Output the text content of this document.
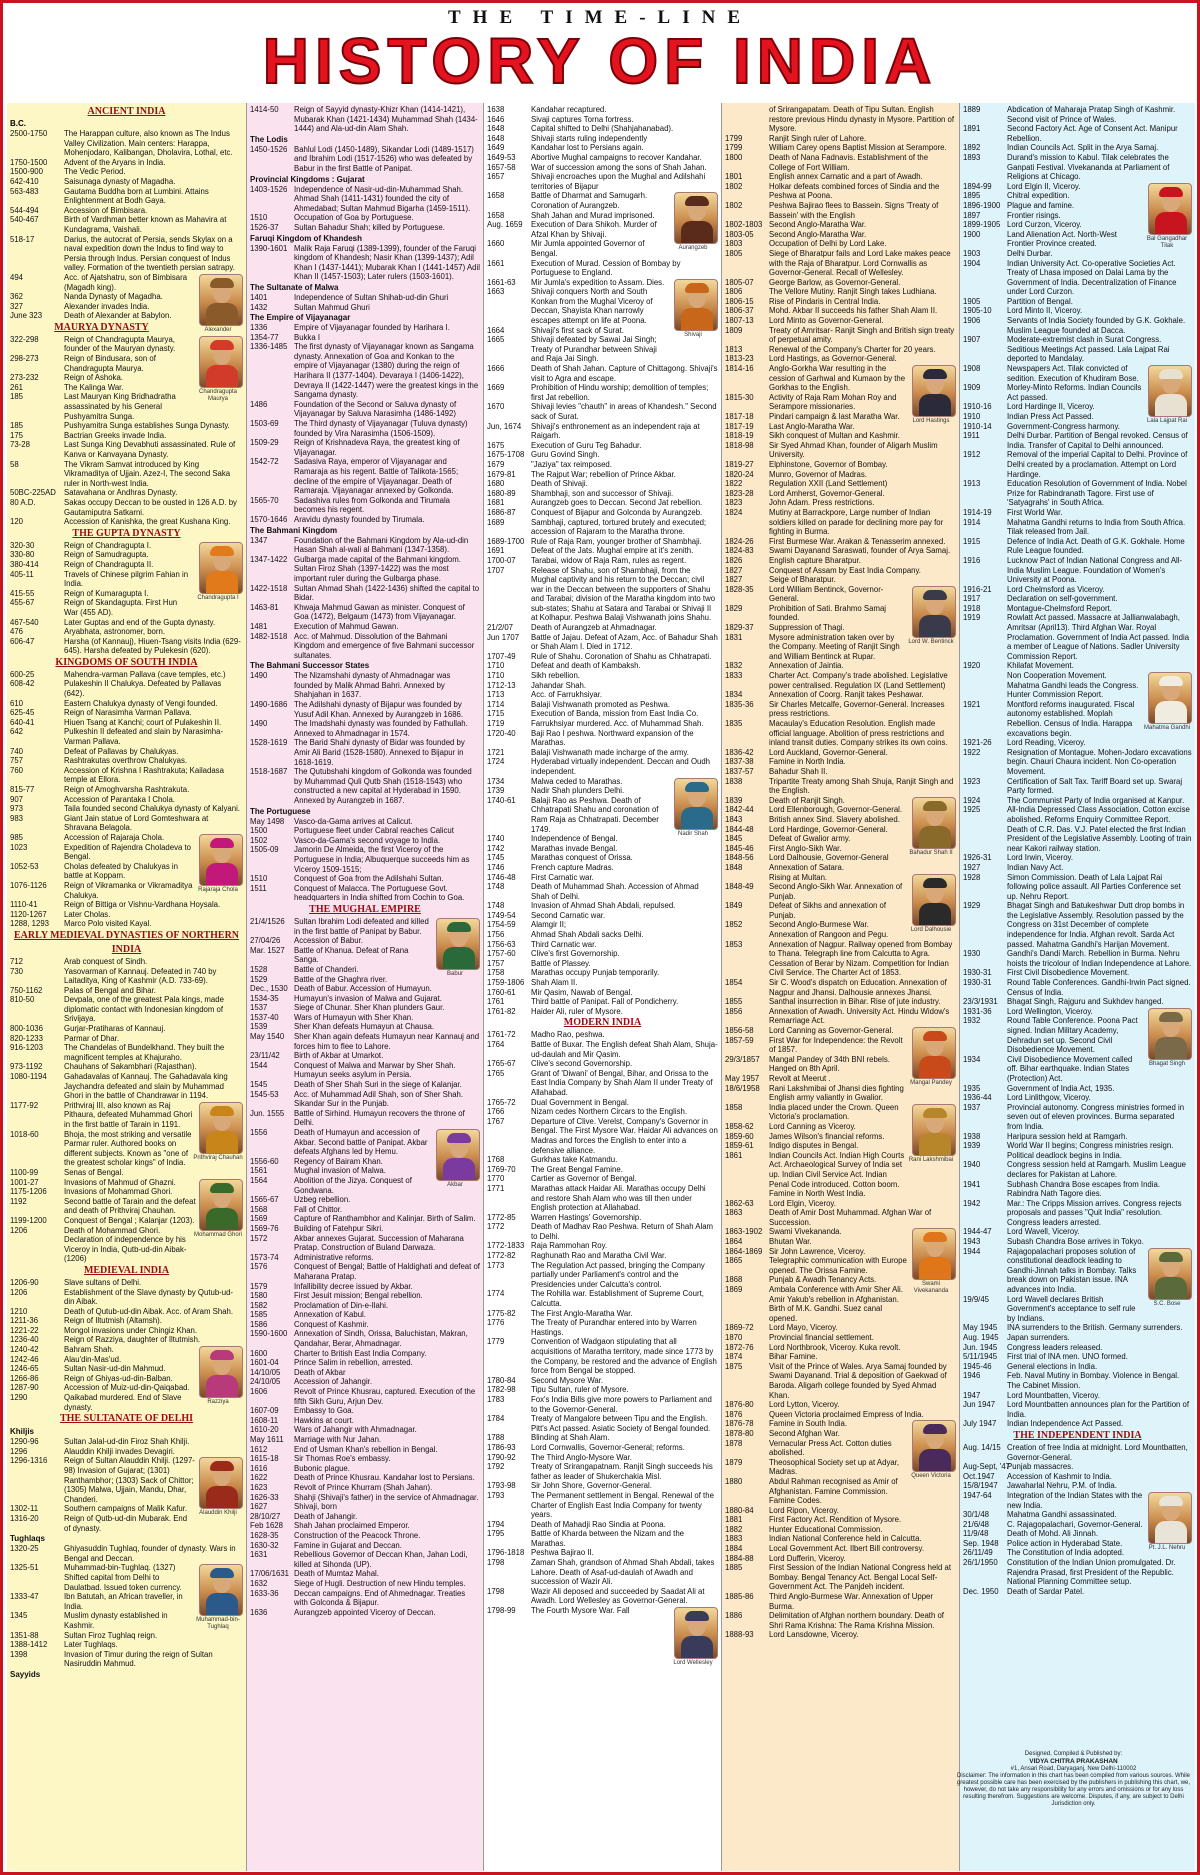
THE TIME-LINE
HISTORY OF INDIA
ANCIENT INDIA
B.C.
2500-1750	The Harappan culture, also known as The Indus Valley Civilization. Main centers: Harappa, Mohenjodaro, Kalibangan, Dholavira, Lothal, etc.
1750-1500	Advent of the Aryans in India.
1500-900	The Vedic Period.
642-410	Saisunaga dynasty of Magadha.
563-483	Gautama Buddha born at Lumbini. Attains Enlightenment at Bodh Gaya.
544-494	Accession of Bimbisara.
540-467	Birth of Vardhman better known as Mahavira at Kundagrama, Vaishali.
518-17	Darius, the autocrat of Persia, sends Skylax on a naval expedition down the Indus to find way to Persia through Indus. Persian conquest of Indus valley. Formation of the twentieth persian satrapy.
Alexander
494	Acc. of Ajatshatru, son of Bimbisara (Magadh king).
362	Nanda Dynasty of Magadha.
327	Alexander invades India.
June 323	Death of Alexander at Babylon.
MAURYA DYNASTY
Chandragupta Maurya
322-298	Reign of Chandragupta Maurya, founder of the Mauryan dynasty.
298-273	Reign of Bindusara, son of Chandragupta Maurya.
273-232	Reign of Ashoka.
261	The Kalinga War.
185	Last Mauryan King Bridhadratha assassinated by his General Pushyamitra Sunga.
185	Pushyamitra Sunga establishes Sunga Dynasty.
175	Bactrian Greeks invade India.
73-28	Last Sunga King Devabhuti assassinated. Rule of Kanva or Kanvayana Dynasty.
58	The Vikram Samvat introduced by King Vikramaditya of Ujjain. Azez-I, The second Saka ruler in North-west India.
50BC-225AD	Satavahana or Andhras Dynasty.
80 A.D.	Sakas occupy Deccan to be ousted in 126 A.D. by Gautamiputra Satkarni.
120	Accession of Kanishka, the great Kushana King.
THE GUPTA DYNASTY
Chandragupta I
320-30	Reign of Chandragupta I.
330-80	Reign of Samudragupta.
380-414	Reign of Chandragupta II.
405-11	Travels of Chinese pilgrim Fahian in India.
415-55	Reign of Kumaragupta I.
455-67	Reign of Skandagupta. First Hun War (455 AD).
467-540	Later Guptas and end of the Gupta dynasty.
476	Aryabhata, astronomer, born.
606-47	Harsha (of Kannauj), Hiuen-Tsang visits India (629-645). Harsha defeated by Pulekesin (620).
KINGDOMS OF SOUTH INDIA
600-25	Mahendra-varman Pallava (cave temples, etc.)
608-42	Pulakeshin II Chalukya. Defeated by Pallavas (642).
610	Eastern Chalukya dynasty of Vengi founded.
625-45	Reign of Narasimha Varman Pallava.
640-41	Hiuen Tsang at Kanchi; court of Pulakeshin II.
642	Pulkeshin II defeated and slain by Narasimha-Varman Pallava.
740	Defeat of Pallavas by Chalukyas.
757	Rashtrakutas overthrow Chalukyas.
760	Accession of Krishna I Rashtrakuta; Kailadasa temple at Ellora.
815-77	Reign of Amoghvarsha Rashtrakuta.
907	Accession of Parantaka I Chola.
973	Taila founded second Chalukya dynasty of Kalyani.
983	Giant Jain statue of Lord Gomteshwara at Shravana Belagola.
Rajaraja Chola
985	Accession of Rajaraja Chola.
1023	Expedition of Rajendra Choladeva to Bengal.
1052-53	Cholas defeated by Chalukyas in battle at Koppam.
1076-1126	Reign of Vikramanka or Vikramaditya Chalukya.
1110-41	Reign of Bittiga or Vishnu-Vardhana Hoysala.
1120-1267	Later Cholas.
1288, 1293	Marco Polo visited Kayal.
EARLY MEDIEVAL DYNASTIES OF NORTHERN INDIA
712	Arab conquest of Sindh.
730	Yasovarman of Kannauj. Defeated in 740 by Laitaditya, King of Kashmir (A.D. 733-69).
750-1162	Palas of Bengal and Bihar.
810-50	Devpala, one of the greatest Pala kings, made diplomatic contact with Indonesian kingdom of Srivijaya.
800-1036	Gurjar-Pratiharas of Kannauj.
820-1233	Parmar of Dhar.
916-1203	The Chandelas of Bundelkhand. They built the magnificent temples at Khajuraho.
973-1192	Chauhans of Sakambhari (Rajasthan).
1080-1194	Gahadavalas of Kannauj. The Gahadavala king Jaychandra defeated and slain by Muhammad Ghori in the battle of Chandrawar in 1194.
Prithviraj Chauhan
1177-92	Prithviraj III, also known as Raj Pithaura, defeated Muhammad Ghori in the first battle of Tarain in 1191.
1018-60	Bhoja, the most striking and versatile Parmar ruler. Authored books on different subjects. Known as "one of the greatest scholar kings" of India.
1100-99	Senas of Bengal.
Mohammad Ghori
1001-27	Invasions of Mahmud of Ghazni.
1175-1206	Invasions of Mohammad Ghori.
1192	Second battle of Tarain and the defeat and death of Prithviraj Chauhan.
1199-1200	Conquest of Bengal ; Kalanjar (1203).
1206	Death of Mohammad Ghori. Declaration of independence by his Viceroy in India, Qutb-ud-din Aibak-(1206)
MEDIEVAL INDIA
1206-90	Slave sultans of Delhi.
1206	Establishment of the Slave dynasty by Qutub-ud-din Aibak.
1210	Death of Qutub-ud-din Aibak. Acc. of Aram Shah.
1211-36	Reign of Iltutmish (Altamsh).
1221-22	Mongol invasions under Chingiz Khan.
1236-40	Reign of Razziya, daughter of Iltutmish.
Razziya
1240-42	Bahram Shah.
1242-46	Alau'din-Mas'ud.
1246-65	Sultan Nasir-ud-din Mahmud.
1266-86	Reign of Ghiyas-ud-din-Balban.
1287-90	Accession of Muiz-ud-din-Qaiqabad.
1290	Qaikabad murdered. End of Slave dynasty.
THE SULTANATE OF DELHI
Khiljis
1290-96	Sultan Jalal-ud-din Firoz Shah Khilji.
1296	Alauddin Khilji invades Devagiri.
Alauddin Khilji
1296-1316	Reign of Sultan Alauddin Khilji. (1297-98) Invasion of Gujarat; (1301) Ranthambhor; (1303) Sack of Chittor; (1305) Malwa, Ujjain, Mandu, Dhar, Chanderi.
1302-11	Southern campaigns of Malik Kafur.
1316-20	Reign of Qutb-ud-din Mubarak. End of dynasty.
Tughlaqs
1320-25	Ghiyasuddin Tughlaq, founder of dynasty. Wars in Bengal and Deccan.
Muhammad-bin-Tughlaq
1325-51	Muhammad-bin-Tughlaq. (1327) Shifted capital from Delhi to Daulatbad. Issued token currency.
1333-47	Ibn Batutah, an African traveller, in India.
1345	Muslim dynasty established in Kashmir.
1351-88	Sultan Firoz Tughlaq reign.
1388-1412	Later Tughlaqs.
1398	Invasion of Timur during the reign of Sultan Nasiruddin Mahmud.
Sayyids
1414-50	Reign of Sayyid dynasty-Khizr Khan (1414-1421), Mubarak Khan (1421-1434) Muhammad Shah (1434-1444) and Ala-ud-din Alam Shah.
The Lodis
1450-1526 Bahlul Lodi (1450-1489), Sikandar Lodi (1489-1517) and Ibrahim Lodi (1517-1526) who was defeated by Babur in the first Battle of Panipat.
Provincial Kingdoms : Gujarat
1403-1526 Independence of Nasir-ud-din-Muhammad Shah. Ahmad Shah (1411-1431) founded the city of Ahmedabad; Sultan Mahmud Bigarha (1459-1511).
1510	Occupation of Goa by Portuguese.
1526-37	Sultan Bahadur Shah; killed by Portuguese.
Faruqi Kingdom of Khandesh
1390-1601 Malik Raja Faruqi (1389-1399), founder of the Faruqi kingdom of Khandesh; Nasir Khan (1399-1437); Adil Khan I (1437-1441); Mubarak Khan I (1441-1457) Adil Khan II (1457-1503); Later rulers (1503-1601).
The Sultanate of Malwa
1401	Independence of Sultan Shihab-ud-din Ghuri
1432	Sultan Mahmud Ghuri
The Empire of Vijayanagar
1336	Empire of Vijayanagar founded by Harihara I.
1354-77	Bukka I
1336-1485 The first dynasty of Vijayanagar known as Sangama dynasty. Annexation of Goa and Konkan to the empire of Vijayanagar (1380) during the reign of Harihara II (1377-1404). Devaraya I (1406-1422), Devraya II (1422-1447) were the greatest kings in the Sangama dynasty.
1486	Foundation of the Second or Saluva dynasty of Vijayanagar by Saluva Narasimha (1486-1492)
1503-69	The Third dynasty of Vijayanagar (Tuluva dynasty) founded by Vira Narasimha (1506-1509).
1509-29	Reign of Krishnadeva Raya, the greatest king of Vijayanagar.
1542-72	Sadasiva Raya, emperor of Vijayanagar and Ramaraja as his regent. Battle of Talikota-1565; decline of the empire of Vijayanagar. Death of Ramaraja. Vijayanagar annexed by Golkonda.
1565-70	Sadashiva rules from Golkonda and Tirumala becomes his regent.
1570-1646 Aravidu dynasty founded by Tirumala.
The Bahmani Kingdom
1347	Foundation of the Bahmani Kingdom by Ala-ud-din Hasan Shah al-wali al Bahmani (1347-1358).
1347-1422 Gulbarga made capital of the Bahmani kingdom. Sultan Firoz Shah (1397-1422) was the most important ruler during the Gulbarga phase.
1422-1518 Sultan Ahmad Shah (1422-1436) shifted the capital to Bidar.
1463-81	Khwaja Mahmud Gawan as minister. Conquest of Goa (1472), Belgaum (1473) from Vijayanagar.
1481	Execution of Mahmud Gawan.
1482-1518 Acc. of Mahmud. Dissolution of the Bahmani Kingdom and emergence of five Bahmani successor sultanates.
The Bahmani Successor States
1490	The Nizamshahi dynasty of Ahmadnagar was founded by Malik Ahmad Bahri. Annexed by Shahjahan in 1637.
1490-1686 The Adilshahi dynasty of Bijapur was founded by Yusuf Adil Khan. Annexed by Aurangzeb in 1686.
1490	The Imadshahi dynasty was founded by Fathullah. Annexed to Ahmadnagar in 1574.
1528-1619 The Barid Shahi dynasty of Bidar was founded by Amir Ali Barid (1528-1580). Annexed to Bijapur in 1618-1619.
1518-1687 The Qutubshahi kingdom of Golkonda was founded by Muhammad Quli Qutb Shah (1518-1543) who constructed a new capital at Hyderabad in 1590. Annexed by Aurangzeb in 1687.
The Portuguese
May 1498	Vasco-da-Gama arrives at Calicut.
1500	Portuguese fleet under Cabral reaches Calicut
1502	Vasco-da-Gama's second voyage to India.
1505-09	Jamorin De Almeida, the first Viceroy of the Portuguese in India; Albuquerque succeeds him as Viceroy 1509-1515;
1510	Conquest of Goa from the Adilshahi Sultan.
1511	Conquest of Malacca. The Portuguese Govt. headquarters in India shifted from Cochin to Goa.
THE MUGHAL EMPIRE
Babur
21/4/1526	Sultan Ibrahim Lodi defeated and killed in the first battle of Panipat by Babur.
27/04/26	Accession of Babur.
Mar. 1527	Battle of Khanua. Defeat of Rana Sanga.
1528	Battle of Chanderi.
1529	Battle of the Ghaghra river.
Dec., 1530 Death of Babur. Accession of Humayun.
1534-35	Humayun's invasion of Malwa and Gujarat.
1537	Siege of Chunar. Sher Khan plunders Gaur.
1537-40	Wars of Humayun with Sher Khan.
1539	Sher Khan defeats Humayun at Chausa.
May 1540	Sher Khan again defeats Humayun near Kannauj and forces him to flee to Lahore.
23/11/42	Birth of Akbar at Umarkot.
1544	Conquest of Malwa and Marwar by Sher Shah. Humayun seeks asylum in Persia.
1545	Death of Sher Shah Suri in the siege of Kalanjar.
1545-53	Acc. of Muhammad Adil Shah, son of Sher Shah. Sikandar Sur in the Punjab.
Jun. 1555	Battle of Sirhind. Humayun recovers the throne of Delhi.
Akbar
1556	Death of Humayun and accession of Akbar. Second battle of Panipat. Akbar defeats Afghans led by Hemu.
1556-60	Regency of Bairam Khan.
1561	Mughal invasion of Malwa.
1564	Abolition of the Jizya. Conquest of Gondwana.
1565-67	Uzbeg rebellion.
1568	Fall of Chittor.
1569	Capture of Ranthambhor and Kalinjar. Birth of Salim.
1569-76	Building of Fatehpur Sikri.
1572	Akbar annexes Gujarat. Succession of Maharana Pratap. Construction of Buland Darwaza.
1573-74	Administrative reforms.
1576	Conquest of Bengal; Battle of Haldighati and defeat of Maharana Pratap.
1579	Infallibility decree issued by Akbar.
1580	First Jesuit mission; Bengal rebellion.
1582	Proclamation of Din-e-Ilahi.
1585	Annexation of Kabul.
1586	Conquest of Kashmir.
1590-1600 Annexation of Sindh, Orissa, Baluchistan, Makran, Qandahar, Berar, Ahmadnagar.
1600	Charter to British East India Company.
1601-04	Prince Salim in rebellion, arrested.
14/10/05	Death of Akbar
24/10/05	Accession of Jahangir.
1606	Revolt of Prince Khusrau, captured. Execution of the fifth Sikh Guru, Arjun Dev.
1607-09	Embassy to Goa.
1608-11	Hawkins at court.
1610-20	Wars of Jahangir with Ahmadnagar.
May 1611	Marriage with Nur Jahan.
1612	End of Usman Khan's rebellion in Bengal.
1615-18	Sir Thomas Roe's embassy.
1616	Bubonic plague.
1622	Death of Prince Khusrau. Kandahar lost to Persians.
1623	Revolt of Prince Khurram (Shah Jahan).
1626-33	Shahji (Shivaji's father) in the service of Ahmadnagar.
1627	Shivaji, born
28/10/27	Death of Jahangir.
Feb 1628	Shah Jahan proclaimed Emperor.
1628-35	Construction of the Peacock Throne.
1630-32	Famine in Gujarat and Deccan.
1631	Rebellious Governor of Deccan Khan, Jahan Lodi, killed at Sihonda (UP).
17/06/1631 Death of Mumtaz Mahal.
1632	Siege of Hugli. Destruction of new Hindu temples.
1633-36	Deccan campaigns. End of Ahmednagar. Treaties with Golconda & Bijapur.
1636	Aurangzeb appointed Viceroy of Deccan.
1638	Kandahar recaptured.
1646	Sivaji captures Torna fortress.
1648	Capital shifted to Delhi (Shahjahanabad).
1648	Shivaji starts ruling independently
1649	Kandahar lost to Persians again.
1649-53	Abortive Mughal campaigns to recover Kandahar.
1657-58	War of succession among the sons of Shah Jahan.
1657	Shivaji encroaches upon the Mughal and Adilshahi territories of Bijapur
Aurangzeb
1658	Battle of Dharmat and Samugarh. Coronation of Aurangzeb.
1658	Shah Jahan and Murad imprisoned.
Aug. 1659	Execution of Dara Shikoh. Murder of Afzal Khan by Shivaji.
1660	Mir Jumla appointed Governor of Bengal.
1661	Execution of Murad. Cession of Bombay by Portuguese to England.
Shivaji
1661-63	Mir Jumla's expedition to Assam. Dies.
1663	Shivaji conquers North and South Konkan from the Mughal Viceroy of Deccan, Shayista Khan narrowly escapes attempt on life at Poona.
1664	Shivaji's first sack of Surat.
1665	Shivaji defeated by Sawai Jai Singh; Treaty of Purandhar between Shivaji and Raja Jai Singh.
1666	Death of Shah Jahan. Capture of Chittagong. Shivaji's visit to Agra and escape.
1669	Prohibition of Hindu worship; demolition of temples; first Jat rebellion.
1670	Shivaji levies "chauth" in areas of Khandesh." Second sack of Surat.
Jun, 1674	Shivaji's enthronement as an independent raja at Raigarh.
1675	Execution of Guru Teg Bahadur.
1675-1708 Guru Govind Singh.
1679	"Jaziya" tax reimposed.
1679-81	The Rajput War; rebellion of Prince Akbar.
1680	Death of Shivaji.
1680-89	Shambhaji, son and successor of Shivaji.
1681	Aurangzeb goes to Deccan. Second Jat rebellion.
1686-87	Conquest of Bijapur and Golconda by Aurangzeb.
1689	Sambhaji, captured, tortured brutely and executed; accession of Rajaram to the Maratha throne.
1689-1700 Rule of Raja Ram, younger brother of Shambhaji.
1691	Defeat of the Jats. Mughal empire at it's zenith.
1700-07	Tarabai, widow of Raja Ram, rules as regent.
1707	Release of Shahu, son of Shambhaji, from the Mughal captivity and his return to the Deccan; civil war in the Deccan between the supporters of Shahu and Tarabai; division of the Maratha kingdom into two sub-states; Shahu at Satara and Tarabai or Shivaji II at Kolhapur. Peshwa Balaji Vishwanath joins Shahu.
21/2/07	Death of Aurangzeb at Ahmadnagar.
Jun 1707	Battle of Jajau. Defeat of Azam, Acc. of Bahadur Shah or Shah Alam I. Died in 1712.
1707-49	Rule of Shahu. Coronation of Shahu as Chhatrapati.
1710	Defeat and death of Kambaksh.
1710	Sikh rebellion.
1712-13	Jahandar Shah.
1713	Acc. of Farrukhsiyar.
1714	Balaji Vishwanath promoted as Peshwa.
1715	Execution of Banda, mission from East India Co.
1719	Farrukhsiyar murdered. Acc. of Muhammad Shah.
1720-40	Baji Rao I peshwa. Northward expansion of the Marathas.
1721	Balaji Vishwanath made incharge of the army.
1724	Hyderabad virtually independent. Deccan and Oudh independent.
Nadir Shah
1734	Malwa ceded to Marathas.
1739	Nadir Shah plunders Delhi.
1740-61	Balaji Rao as Peshwa. Death of Chhatrapati Shahu and coronation of Ram Raja as Chhatrapati. December 1749.
1740	Independence of Bengal.
1742	Marathas invade Bengal.
1745	Marathas conquest of Orissa.
1746	French capture Madras.
1746-48	First Carnatic war.
1748	Death of Muhammad Shah. Accession of Ahmad Shah of Delhi.
1748	Invasion of Ahmad Shah Abdali, repulsed.
1749-54	Second Carnatic war.
1754-59	Alamgir II;
1756	Ahmad Shah Abdali sacks Delhi.
1756-63	Third Carnatic war.
1757-60	Clive's first Governorship.
1757	Battle of Plassey.
1758	Marathas occupy Punjab temporarily.
1759-1806 Shah Alam II.
1760-61	Mir Qasim, Nawab of Bengal.
1761	Third battle of Panipat. Fall of Pondicherry.
1761-82	Haider Ali, ruler of Mysore.
MODERN INDIA
1761-72	Madho Rao, peshwa.
1764	Battle of Buxar. The English defeat Shah Alam, Shuja-ud-daulah and Mir Qasim.
1765-67	Clive's second Governorship.
1765	Grant of 'Diwani' of Bengal, Bihar, and Orissa to the East India Company by Shah Alam II under Treaty of Allahabad.
1765-72	Dual Government in Bengal.
1766	Nizam cedes Northern Circars to the English.
1767	Departure of Clive. Verelst, Company's Governor in Bengal. The First Mysore War. Haidar Ali advances on Madras and forces the English to enter into a defensive alliance.
1768	Gurkhas take Katmandu.
1769-70	The Great Bengal Famine.
1770	Cartier as Governor of Bengal.
1771	Marathas attack Haidar Ali. Marathas occupy Delhi and restore Shah Alam who was till then under English protection at Allahabad.
1772-85	Warren Hastings' Governorship.
1772	Death of Madhav Rao Peshwa. Return of Shah Alam to Delhi.
1772-1833 Raja Rammohan Roy.
1772-82	Raghunath Rao and Maratha Civil War.
1773	The Regulation Act passed, bringing the Company partially under Parliament's control and the Presidencies under Calcutta's control.
1774	The Rohilla war. Establishment of Supreme Court, Calcutta.
1775-82	The First Anglo-Maratha War.
1776	The Treaty of Purandhar entered into by Warren Hastings.
1779	Convention of Wadgaon stipulating that all acquisitions of Maratha territory, made since 1773 by the Company, be restored and the advance of English force from Bengal be stopped.
1780-84	Second Mysore War.
1782-98	Tipu Sultan, ruler of Mysore.
1783	Fox's India Bills give more powers to Parliament and to the Governor-General.
1784	Treaty of Mangalore between Tipu and the English. Pitt's Act passed. Asiatic Society of Bengal founded.
1788	Blinding at Shah Alam.
1786-93	Lord Cornwallis, Governor-General; reforms.
1790-92	The Third Anglo-Mysore War.
1792	Treaty of Srirangapatnam. Ranjit Singh succeeds his father as leader of Shukerchakia Misl.
1793-98	Sir John Shore, Governor-General.
1793	The Permanent settlement in Bengal. Renewal of the Charter of English East India Company for twenty years.
1794	Death of Mahadji Rao Sindia at Poona.
1795	Battle of Kharda between the Nizam and the Marathas.
1796-1818 Peshwa Bajirao II.
1798	Zaman Shah, grandson of Ahmad Shah Abdali, takes Lahore. Death of Asaf-ud-daulah of Awadh and succession of Wazir Ali.
1798	Wazir Ali deposed and succeeded by Saadat Ali at Awadh. Lord Wellesley as Governor-General.
Lord Wellesley
1798-99	The Fourth Mysore War. Fall
of Srirangapatam. Death of Tipu Sultan. English restore previous Hindu dynasty in Mysore. Partition of Mysore.
1799	Ranjit Singh ruler of Lahore.
1799	William Carey opens Baptist Mission at Serampore.
1800	Death of Nana Fadnavis. Establishment of the College of Fort William.
1801	English annex Carnatic and a part of Awadh.
1802	Holkar defeats combined forces of Sindia and the Peshwa at Poona.
1802	Peshwa Bajirao flees to Bassein. Signs 'Treaty of Bassein' with the English
1802-1803 Second Anglo-Maratha War.
1803-05	Second Anglo-Maratha War.
1803	Occupation of Delhi by Lord Lake.
1805	Siege of Bharatpur fails and Lord Lake makes peace with the Raja of Bharatpur. Lord Cornwallis as Governor-General. Recall of Wellesley.
1805-07	George Barlow, as Governor-General.
1806	The Vellore Mutiny. Ranjit Singh takes Ludhiana.
1806-15	Rise of Pindaris in Central India.
1806-37	Mohd. Akbar II succeeds his father Shah Alam II.
1807-13	Lord Minto as Governor-General.
1809	Treaty of Amritsar- Ranjit Singh and British sign treaty of perpetual amity.
1813	Renewal of the Company's Charter for 20 years.
1813-23	Lord Hastings, as Governor-General.
Lord Hastings
1814-16	Anglo-Gorkha War resulting in the cession of Garhwal and Kumaon by the Gorkhas to the English.
1815-30	Activity of Raja Ram Mohan Roy and Serampore missionaries.
1817-18	Pindari campaign & last Maratha War.
1817-19	Last Anglo-Maratha War.
1818-19	Sikh conquest of Multan and Kashmir.
1818-98	Sir Syed Ahmad Khan, founder of Aligarh Muslim University.
1819-27	Elphinstone, Governor of Bombay.
1820-24	Munro, Governor of Madras.
1822	Regulation XXII (Land Settlement)
1823-28	Lord Amherst, Governor-General.
1823	John Adam. Press restrictions.
1824	Mutiny at Barrackpore, Large number of Indian soldiers killed on parade for declining more pay for fighting in Burma.
1824-26	First Burmese War. Arakan & Tenasserim annexed.
1824-83	Swami Dayanand Saraswati, founder of Arya Samaj.
1826	English capture Bharatpur.
1827	Conquest of Assam by East India Company.
1827	Seige of Bharatpur.
Lord W. Bentinck
1828-35	Lord William Bentinck, Governor-General.
1829	Prohibition of Sati. Brahmo Samaj founded.
1829-37	Suppression of Thagi.
1831	Mysore administration taken over by the Company. Meeting of Ranjit Singh and William Bentinck at Rupar.
1832	Annexation of Jaintia.
1833	Charter Act. Company's trade abolished. Legislative power centralised. Regulation IX (Land Settlement)
1834	Annexation of Coorg. Ranjit takes Peshawar.
1835-36	Sir Charles Metcalfe, Governor-General. Increases press restrictions.
1835	Macaulay's Education Resolution. English made official language. Abolition of press restrictions and inland transit duties. Company strikes its own coins.
1836-42	Lord Auckland, Governor-General.
1837-38	Famine in North India.
1837-57	Bahadur Shah II.
1838	Tripartite Treaty among Shah Shuja, Ranjit Singh and the English.
Bahadur Shah II
1839	Death of Ranjit Singh.
1842-44	Lord Ellenborough, Governor-General.
1843	British annex Sind. Slavery abolished.
1844-48	Lord Hardinge, Governor-General.
1845	Defeat of Gwalior army.
1845-46	First Anglo-Sikh War.
1848-56	Lord Dalhousie, Governor-General
1848	Annexation of Satara.
Lord Dalhousie
Rising at Multan.
1848-49	Second Anglo-Sikh War. Annexation of Punjab.
1849	Defeat of Sikhs and annexation of Punjab.
1852	Second Anglo-Burmese War. Annexation of Rangoon and Pegu.
1853	Annexation of Nagpur. Railway opened from Bombay to Thana. Telegraph line from Calcutta to Agra. Cessation of Berar by Nizam. Competition for Indian Civil Service. The Charter Act of 1853.
1854	Sir C. Wood's dispatch on Education. Annexation of Nagpur and Jhansi. Dalhousie annexes Jhansi.
1855	Santhal insurrection in Bihar. Rise of jute industry.
1856	Annexation of Awadh. University Act. Hindu Widow's Remarriage Act.
Mangal Pandey
1856-58	Lord Canning as Governor-General.
1857-59	First War for Independence: the Revolt of 1857.
29/3/1857	Mangal Pandey of 34th BNI rebels. Hanged on 8th April.
May 1957	Revolt at Meerut .
18/6/1958	Rani Lakshmibai of Jhansi dies fighting English army valiantly in Gwalior.
Rani Lakshmibai
1858	India placed under the Crown. Queen Victoria's proclamation.
1858-62	Lord Canning as Viceroy.
1859-60	James Wilson's financial reforms.
1859-61	Indigo disputes in Bengal.
1861	Indian Councils Act. Indian High Courts Act. Archaeological Survey of India set up. Indian Civil Service Act. Indian Penal Code introduced. Cotton boom. Famine in North West India.
1862-63	Lord Elgin, Viceroy.
1863	Death of Amir Dost Muhammad. Afghan War of Succession.
Swami Vivekananda
1863-1902 Swami Vivekananda.
1864	Bhutan War.
1864-1869 Sir John Lawrence, Viceroy.
1865	Telegraphic communication with Europe opened. The Orissa Famine.
1868	Punjab & Awadh Tenancy Acts.
1869	Ambala Conference with Amir Sher Ali. Amir Yakub's rebellion in Afghanistan. Birth of M.K. Gandhi. Suez canal opened.
1869-72	Lord Mayo, Viceroy.
1870	Provincial financial settlement.
1872-76	Lord Northbrook, Viceroy. Kuka revolt.
1874	Bihar Famine.
1875	Visit of the Prince of Wales. Arya Samaj founded by Swami Dayanand. Trial & deposition of Gaekwad of Baroda. Aligarh college founded by Syed Ahmad Khan.
1876-80	Lord Lytton, Viceroy.
1876	Queen Victoria proclaimed Empress of India.
Queen Victoria
1876-78	Famine in South India.
1878-80	Second Afghan War.
1878	Vernacular Press Act. Cotton duties abolished.
1879	Theosophical Society set up at Adyar, Madras.
1880	Abdul Rahman recognised as Amir of Afghanistan. Famine Commission. Famine Codes.
1880-84	Lord Ripon, Viceroy.
1881	First Factory Act. Rendition of Mysore.
1882	Hunter Educational Commission.
1883	Indian National Conference held in Calcutta.
1884	Local Government Act. Ilbert Bill controversy.
1884-88	Lord Dufferin, Viceroy.
1885	First Session of the Indian National Congress held at Bombay. Bengal Tenancy Act. Bengal Local Self-Government Act. The Panjdeh incident.
1885-86	Third Anglo-Burmese War. Annexation of Upper Burma.
1886	Delimitation of Afghan northern boundary. Death of Shri Rama Krishna: The Rama Krishna Mission.
1888-93	Lord Lansdowne, Viceroy.
1889	Abdication of Maharaja Pratap Singh of Kashmir. Second visit of Prince of Wales.
1891	Second Factory Act. Age of Consent Act. Manipur Rebellion.
1892	Indian Councils Act. Split in the Arya Samaj.
1893	Durand's mission to Kabul. Tilak celebrates the Ganpati Festival. Vivekananda at Parliament of Religions at Chicago.
Bal Gangadhar Tilak
1894-99	Lord Elgin II, Viceroy.
1895	Chitral expedition.
1896-1900 Plague and famine.
1897	Frontier risings.
1899-1905 Lord Curzon, Viceroy.
1900	Land Alienation Act. North-West Frontier Province created.
1903	Delhi Durbar.
1904	Indian University Act. Co-operative Societies Act. Treaty of Lhasa imposed on Dalai Lama by the Government of India. Decentralization of Finance under Lord Curzon.
1905	Partition of Bengal.
1905-10	Lord Minto II, Viceroy.
1906	Servants of India Society founded by G.K. Gokhale. Muslim League founded at Dacca.
1907	Moderate-extremist clash in Surat Congress. Seditious Meetings Act passed. Lala Lajpat Rai deported to Mandalay.
Lala Lajpat Rai
1908	Newspapers Act. Tilak convicted of sedition. Execution of Khudiram Bose.
1909	Morley-Minto Reforms. Indian Councils Act passed.
1910-16	Lord Hardinge II, Viceroy.
1910	Indian Press Act Passed.
1910-14	Government-Congress harmony.
1911	Delhi Durbar. Partition of Bengal revoked. Census of India. Transfer of Capital to Delhi announced.
1912	Removal of the imperial Capital to Delhi. Province of Delhi created by a proclamation. Attempt on Lord Hardinge.
1913	Education Resolution of Government of India. Nobel Prize for Rabindranath Tagore. First use of 'Satyagrahs' in South Africa.
1914-19	First World War.
1914	Mahatma Gandhi returns to India from South Africa. Tilak released from Jail.
1915	Defence of India Act. Death of G.K. Gokhale. Home Rule League founded.
1916	Lucknow Pact of Indian National Congress and All-India Muslim League. Foundation of Women's University at Poona.
1916-21	Lord Chelmsford as Viceroy.
1917	Declaration on self-government.
1918	Montague-Chelmsford Report.
1919	Rowlatt Act passed. Massacre at Jallianwalabagh, Amritsar (April13). Third Afghan War. Royal Proclamation. Government of India Act passed. India a member of League of Nations. Sadler University Commission Report.
1920	Khilafat Movement.
Mahatma Gandhi
Non Cooperation Movement.
Mahatma Gandhi leads the Congress.
Hunter Commission Report.
1921	Montford reforms inaugurated. Fiscal autonomy established. Moplah Rebellion. Census of India. Harappa excavations begin.
1921-26	Lord Reading, Viceroy.
1922	Resignation of Montague. Mohen-Jodaro excavations begin. Chauri Chaura incident. Non Co-operation Movement.
1923	Certification of Salt Tax. Tariff Board set up. Swaraj Party formed.
1924	The Communist Party of India organised at Kanpur.
1925	All-India Depressed Class Association. Cotton excise abolished. Reforms Enquiry Committee Report. Death of C.R. Das. V.J. Patel elected the first Indian President of the Legislative Assembly. Looting of train near Kakori railway station.
1926-31	Lord Irwin, Viceroy.
1927	Indian Navy Act.
1928	Simon Commission. Death of Lala Lajpat Rai following police assault. All Parties Conference set up. Nehru Report.
1929	Bhagat Singh and Batukeshwar Dutt drop bombs in the Legislative Assembly. Resolution passed by the Congress on 31st December of complete independence for India. Afghan revolt. Sarda Act passed. Mahatma Gandhi's Harijan Movement.
1930	Gandhi's Dandi March. Rebellion in Burma. Nehru hoists the tricolour of Indian Independence at Lahore.
1930-31	First Civil Disobedience Movement.
1930-31	Round Table Conferences. Gandhi-Irwin Pact signed. Census of India.
23/3/1931	Bhagat Singh, Rajguru and Sukhdev hanged.
Bhagat Singh
1931-36	Lord Wellington, Viceroy.
1932	Round Table Conference. Poona Pact signed. Indian Military Academy, Dehradun set up. Second Civil Disobedience Movement.
1934	Civil Disobedience Movement called off. Bihar earthquake. Indian States (Protection) Act.
1935	Government of India Act, 1935.
1936-44	Lord Linlithgow, Viceroy.
1937	Provincial autonomy. Congress ministries formed in seven out of eleven provinces. Burma separated from India.
1938	Haripura session held at Ramgarh.
1939	World War II begins; Congress ministries resign. Political deadlock begins in India.
1940	Congress session held at Ramgarh. Muslim League declares for Pakistan at Lahore.
1941	Subhash Chandra Bose escapes from India. Rabindra Nath Tagore dies.
1942	Mar.: The Cripps Mission arrives. Congress rejects proposals and passes "Quit India" resolution. Congress leaders arrested.
1944-47	Lord Wavell, Viceroy.
1943	Subash Chandra Bose arrives in Tokyo.
S.C. Bose
1944	Rajagopalachari proposes solution of constitutional deadlock leading to Gandhi-Jinnah talks in Bombay. Talks break down on Pakistan issue. INA advances into India.
19/9/45	Lord Wavell declares British Government's acceptance to self rule by Indians.
May 1945	INA surrenders to the British. Germany surrenders.
Aug. 1945	Japan surrenders.
Jun. 1945	Congress leaders released.
5/11/1945	First trial of INA men. UNO formed.
1945-46	General elections in India.
1946	Feb. Naval Mutiny in Bombay. Violence in Bengal. The Cabinet Mission.
1947	Lord Mountbatten, Viceroy.
Jun 1947	Lord Mountbatten announces plan for the Partition of India.
July 1947	Indian Independence Act Passed.
THE INDEPENDENT INDIA
Aug. 14/15 Creation of free India at midnight. Lord Mountbatten, Governor-General.
Aug-Sept, '47
Punjab massacres.
Oct.1947	Accession of Kashmir to India.
15/8/1947	Jawaharlal Nehru, P.M. of India.
Pt. J.L. Nehru
1947-64	Integration of the Indian States with the new India.
30/1/48	Mahatma Gandhi assassinated.
21/6/48	C. Rajagopalachari, Governor-General.
11/9/48	Death of Mohd. Ali Jinnah.
Sep. 1948	Police action in Hyderabad State.
26/11/49	The Constitution of India adopted.
26/1/1950	Constitution of the Indian Union promulgated. Dr. Rajendra Prasad, first President of the Republic. National Planning Committee setup.
Dec. 1950	Death of Sardar Patel.
Designed, Compiled & Published by:
VIDYA CHITRA PRAKASHAN
#1, Ansari Road, Daryaganj, New Delhi-110002
Disclaimer: The information in this chart has been compiled from various sources. While greatest possible care has been exercised by the publishers in publishing this chart, we, however, do not take any responsibility for any errors and omissions or for any loss resulting therefrom. Suggestions are welcome. Disputes, if any, are subject to Delhi Jurisdiction only.
